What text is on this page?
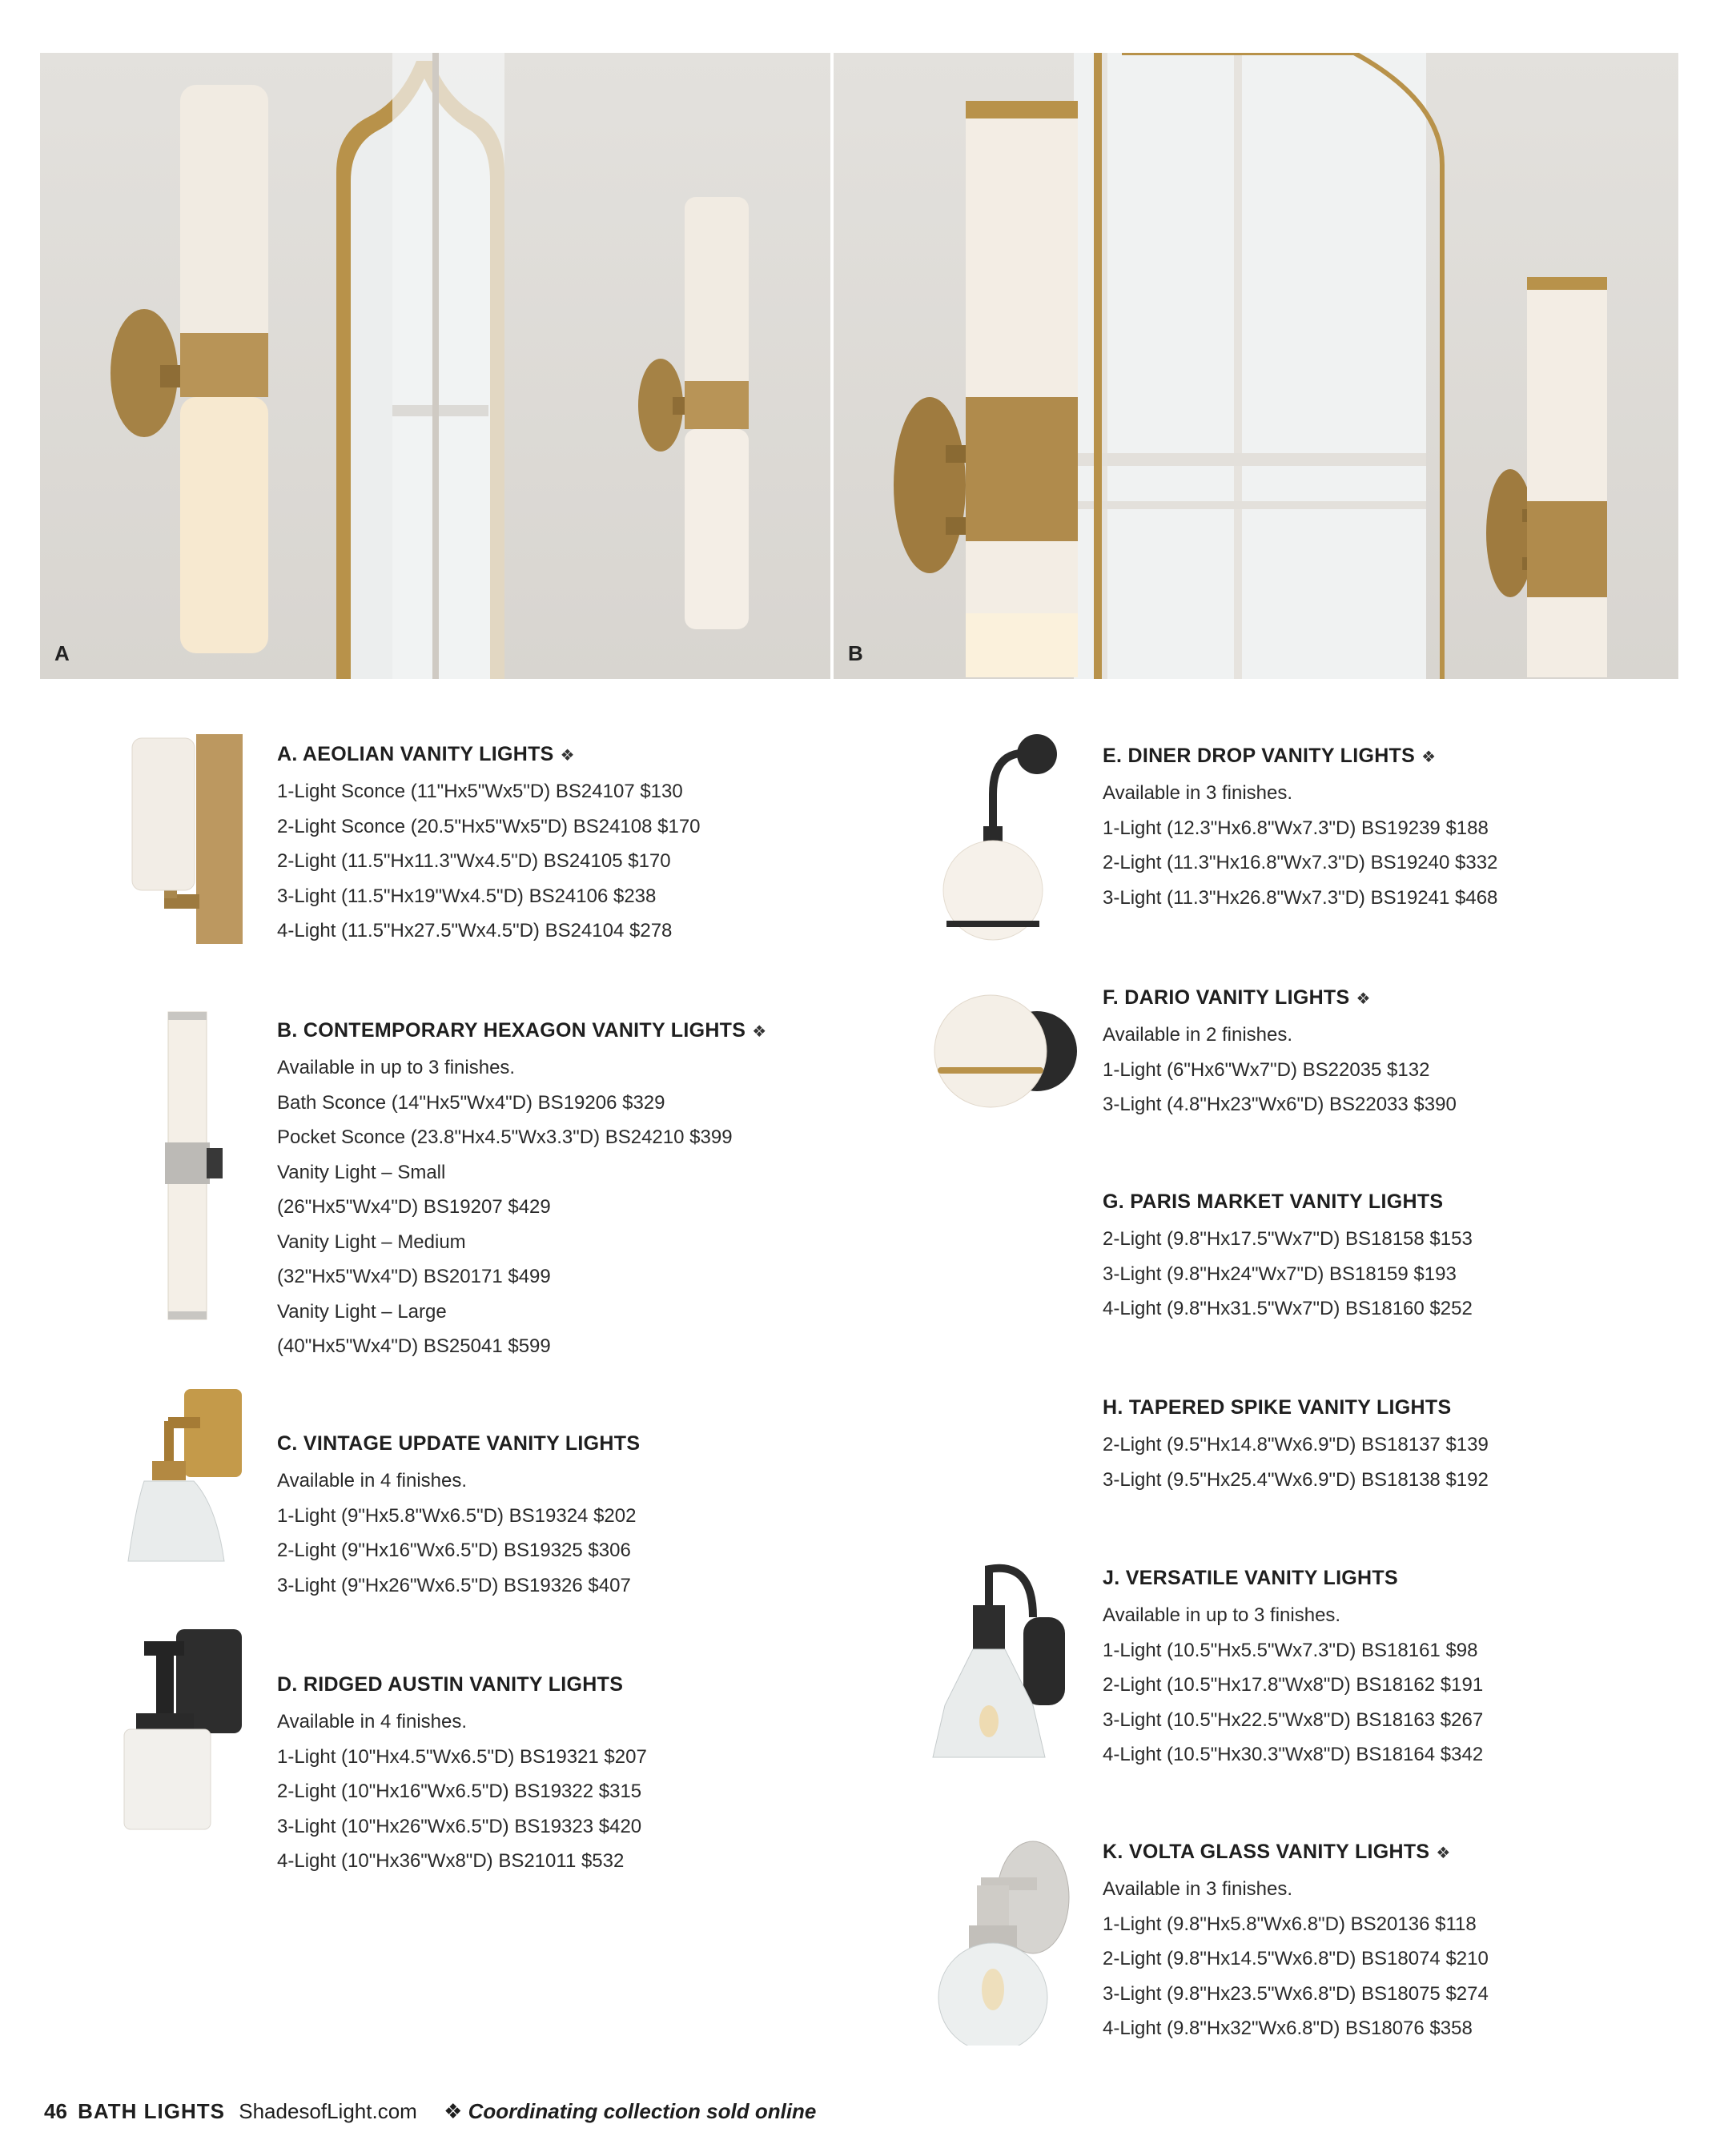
A	B
A. AEOLIAN VANITY LIGHTS ❖
1-Light Sconce (11"Hx5"Wx5"D) BS24107 $130
2-Light Sconce (20.5"Hx5"Wx5"D) BS24108 $170
2-Light (11.5"Hx11.3"Wx4.5"D) BS24105 $170
3-Light (11.5"Hx19"Wx4.5"D) BS24106 $238
4-Light (11.5"Hx27.5"Wx4.5"D) BS24104 $278
B. CONTEMPORARY HEXAGON VANITY LIGHTS ❖
Available in up to 3 finishes.
Bath Sconce (14"Hx5"Wx4"D) BS19206 $329
Pocket Sconce (23.8"Hx4.5"Wx3.3"D) BS24210 $399
Vanity Light – Small
(26"Hx5"Wx4"D) BS19207 $429
Vanity Light – Medium
(32"Hx5"Wx4"D) BS20171 $499
Vanity Light – Large
(40"Hx5"Wx4"D) BS25041 $599
C. VINTAGE UPDATE VANITY LIGHTS
Available in 4 finishes.
1-Light (9"Hx5.8"Wx6.5"D) BS19324 $202
2-Light (9"Hx16"Wx6.5"D) BS19325 $306
3-Light (9"Hx26"Wx6.5"D) BS19326 $407
D. RIDGED AUSTIN VANITY LIGHTS
Available in 4 finishes.
1-Light (10"Hx4.5"Wx6.5"D) BS19321 $207
2-Light (10"Hx16"Wx6.5"D) BS19322 $315
3-Light (10"Hx26"Wx6.5"D) BS19323 $420
4-Light (10"Hx36"Wx8"D) BS21011 $532
E. DINER DROP VANITY LIGHTS ❖
Available in 3 finishes.
1-Light (12.3"Hx6.8"Wx7.3"D) BS19239 $188
2-Light (11.3"Hx16.8"Wx7.3"D) BS19240 $332
3-Light (11.3"Hx26.8"Wx7.3"D) BS19241 $468
F. DARIO VANITY LIGHTS ❖
Available in 2 finishes.
1-Light (6"Hx6"Wx7"D) BS22035 $132
3-Light (4.8"Hx23"Wx6"D) BS22033 $390
G. PARIS MARKET VANITY LIGHTS
2-Light (9.8"Hx17.5"Wx7"D) BS18158 $153
3-Light (9.8"Hx24"Wx7"D) BS18159 $193
4-Light (9.8"Hx31.5"Wx7"D) BS18160 $252
H. TAPERED SPIKE VANITY LIGHTS
2-Light (9.5"Hx14.8"Wx6.9"D) BS18137 $139
3-Light (9.5"Hx25.4"Wx6.9"D) BS18138 $192
J. VERSATILE VANITY LIGHTS
Available in up to 3 finishes.
1-Light (10.5"Hx5.5"Wx7.3"D) BS18161 $98
2-Light (10.5"Hx17.8"Wx8"D) BS18162 $191
3-Light (10.5"Hx22.5"Wx8"D) BS18163 $267
4-Light (10.5"Hx30.3"Wx8"D) BS18164 $342
K. VOLTA GLASS VANITY LIGHTS ❖
Available in 3 finishes.
1-Light (9.8"Hx5.8"Wx6.8"D) BS20136 $118
2-Light (9.8"Hx14.5"Wx6.8"D) BS18074 $210
3-Light (9.8"Hx23.5"Wx6.8"D) BS18075 $274
4-Light (9.8"Hx32"Wx6.8"D) BS18076 $358
46 BATH LIGHTS ShadesofLight.com ❖ Coordinating collection sold online
